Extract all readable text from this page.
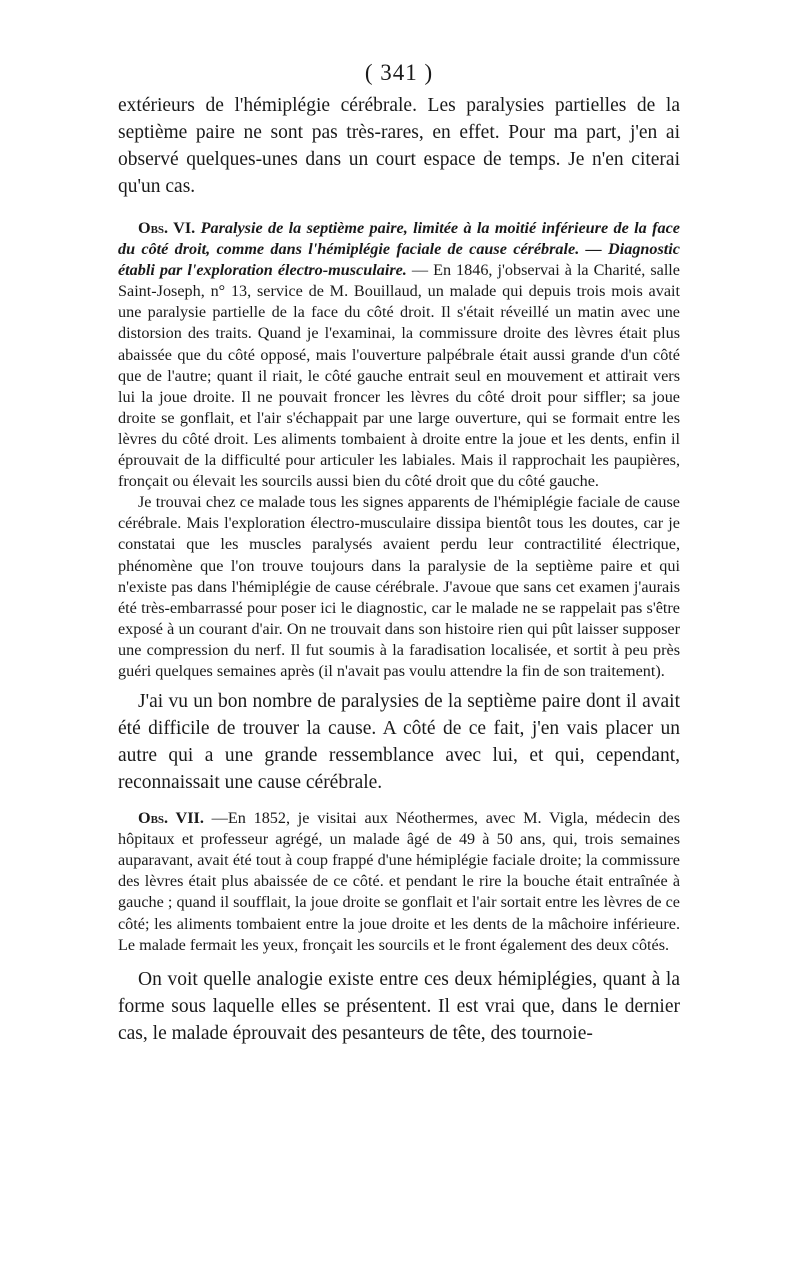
( 341 )

extérieurs de l'hémiplégie cérébrale. Les paralysies partielles de la septième paire ne sont pas très-rares, en effet. Pour ma part, j'en ai observé quelques-unes dans un court espace de temps. Je n'en citerai qu'un cas.

Obs. VI. Paralysie de la septième paire, limitée à la moitié inférieure de la face du côté droit, comme dans l'hémiplégie faciale de cause cérébrale. — Diagnostic établi par l'exploration électro-musculaire. — En 1846, j'observai à la Charité, salle Saint-Joseph, n° 13, service de M. Bouillaud, un malade qui depuis trois mois avait une paralysie partielle de la face du côté droit. Il s'était réveillé un matin avec une distorsion des traits. Quand je l'examinai, la commissure droite des lèvres était plus abaissée que du côté opposé, mais l'ouverture palpébrale était aussi grande d'un côté que de l'autre; quant il riait, le côté gauche entrait seul en mouvement et attirait vers lui la joue droite. Il ne pouvait froncer les lèvres du côté droit pour siffler; sa joue droite se gonflait, et l'air s'échappait par une large ouverture, qui se formait entre les lèvres du côté droit. Les aliments tombaient à droite entre la joue et les dents, enfin il éprouvait de la difficulté pour articuler les labiales. Mais il rapprochait les paupières, fronçait ou élevait les sourcils aussi bien du côté droit que du côté gauche.

Je trouvai chez ce malade tous les signes apparents de l'hémiplégie faciale de cause cérébrale. Mais l'exploration électro-musculaire dissipa bientôt tous les doutes, car je constatai que les muscles paralysés avaient perdu leur contractilité électrique, phénomène que l'on trouve toujours dans la paralysie de la septième paire et qui n'existe pas dans l'hémiplégie de cause cérébrale. J'avoue que sans cet examen j'aurais été très-embarrassé pour poser ici le diagnostic, car le malade ne se rappelait pas s'être exposé à un courant d'air. On ne trouvait dans son histoire rien qui pût laisser supposer une compression du nerf. Il fut soumis à la faradisation localisée, et sortit à peu près guéri quelques semaines après (il n'avait pas voulu attendre la fin de son traitement).

J'ai vu un bon nombre de paralysies de la septième paire dont il avait été difficile de trouver la cause. A côté de ce fait, j'en vais placer un autre qui a une grande ressemblance avec lui, et qui, cependant, reconnaissait une cause cérébrale.

Obs. VII. —En 1852, je visitai aux Néothermes, avec M. Vigla, médecin des hôpitaux et professeur agrégé, un malade âgé de 49 à 50 ans, qui, trois semaines auparavant, avait été tout à coup frappé d'une hémiplégie faciale droite; la commissure des lèvres était plus abaissée de ce côté. et pendant le rire la bouche était entraînée à gauche ; quand il soufflait, la joue droite se gonflait et l'air sortait entre les lèvres de ce côté; les aliments tombaient entre la joue droite et les dents de la mâchoire inférieure. Le malade fermait les yeux, fronçait les sourcils et le front également des deux côtés.

On voit quelle analogie existe entre ces deux hémiplégies, quant à la forme sous laquelle elles se présentent. Il est vrai que, dans le dernier cas, le malade éprouvait des pesanteurs de tête, des tournoie-
